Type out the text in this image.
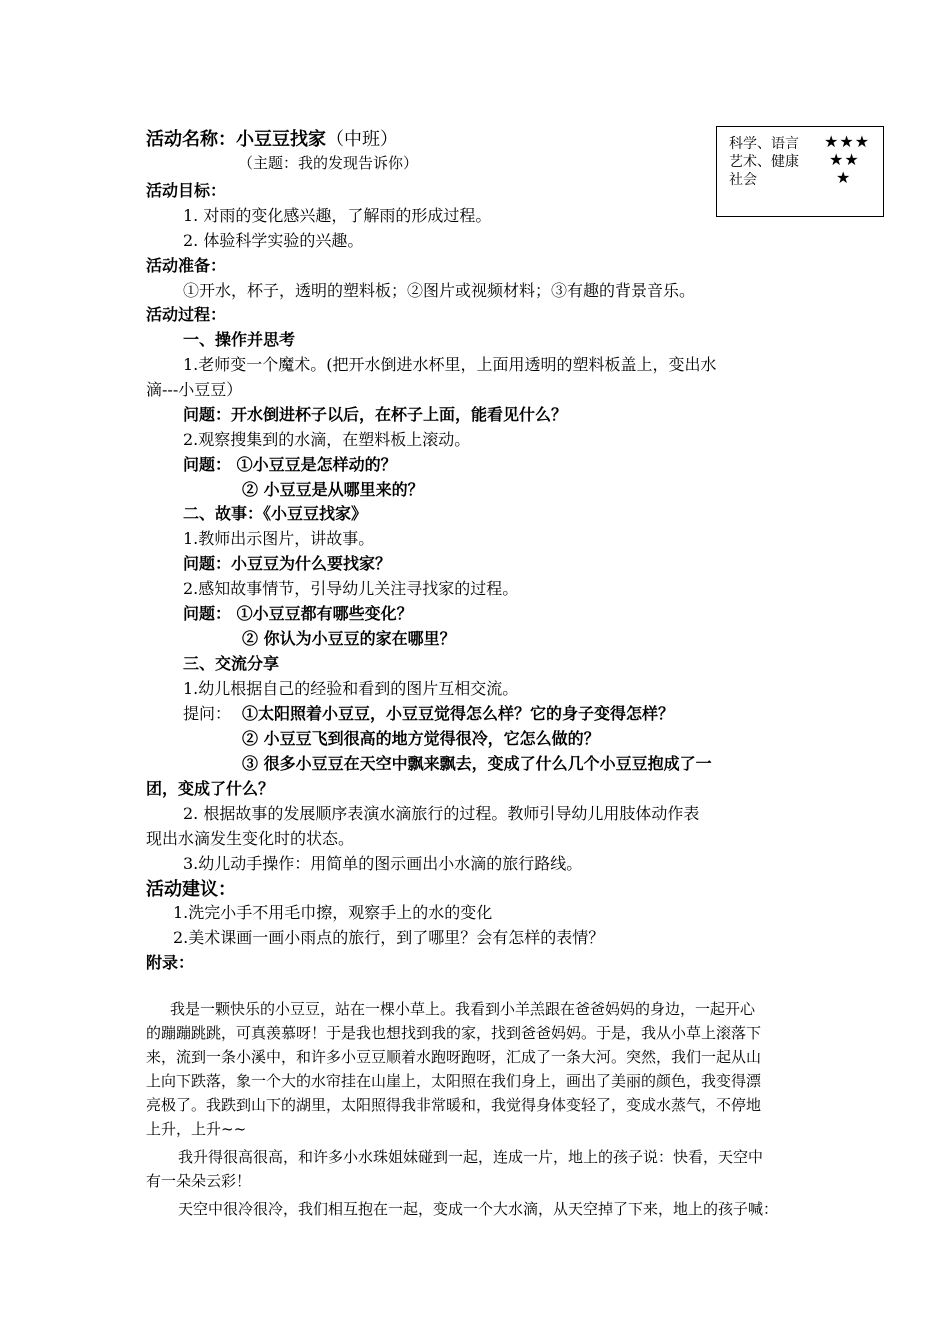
活动名称：小豆豆找家（中班）
（主题：我的发现告诉你）
科学、语言 ★★★
艺术、健康 ★★
社会	★
活动目标：
1. 对雨的变化感兴趣，了解雨的形成过程。
2. 体验科学实验的兴趣。
活动准备：
①开水，杯子，透明的塑料板；②图片或视频材料；③有趣的背景音乐。
活动过程：
一、操作并思考
1.老师变一个魔术。(把开水倒进水杯里，上面用透明的塑料板盖上，变出水
滴---小豆豆）
问题：开水倒进杯子以后，在杯子上面，能看见什么？
2.观察搜集到的水滴，在塑料板上滚动。
问题： ①小豆豆是怎样动的？
② 小豆豆是从哪里来的？
二、故事：《小豆豆找家》
1.教师出示图片，讲故事。
问题：小豆豆为什么要找家？
2.感知故事情节，引导幼儿关注寻找家的过程。
问题： ①小豆豆都有哪些变化？
② 你认为小豆豆的家在哪里？
三、交流分享
1.幼儿根据自己的经验和看到的图片互相交流。
提问： ①太阳照着小豆豆，小豆豆觉得怎么样？它的身子变得怎样？
② 小豆豆飞到很高的地方觉得很冷，它怎么做的？
③ 很多小豆豆在天空中飘来飘去，变成了什么几个小豆豆抱成了一
团，变成了什么？
2. 根据故事的发展顺序表演水滴旅行的过程。教师引导幼儿用肢体动作表
现出水滴发生变化时的状态。
3.幼儿动手操作：用简单的图示画出小水滴的旅行路线。
活动建议：
1.洗完小手不用毛巾擦，观察手上的水的变化
2.美术课画一画小雨点的旅行，到了哪里？会有怎样的表情？
附录：
我是一颗快乐的小豆豆，站在一棵小草上。我看到小羊羔跟在爸爸妈妈的身边，一起开心
的蹦蹦跳跳，可真羡慕呀！于是我也想找到我的家，找到爸爸妈妈。于是，我从小草上滚落下
来，流到一条小溪中，和许多小豆豆顺着水跑呀跑呀，汇成了一条大河。突然，我们一起从山
上向下跌落，象一个大的水帘挂在山崖上，太阳照在我们身上，画出了美丽的颜色，我变得漂
亮极了。我跌到山下的湖里，太阳照得我非常暖和，我觉得身体变轻了，变成水蒸气，不停地
上升，上升~~
我升得很高很高，和许多小水珠姐妹碰到一起，连成一片，地上的孩子说：快看，天空中
有一朵朵云彩！
天空中很冷很冷，我们相互抱在一起，变成一个大水滴，从天空掉了下来，地上的孩子喊：
